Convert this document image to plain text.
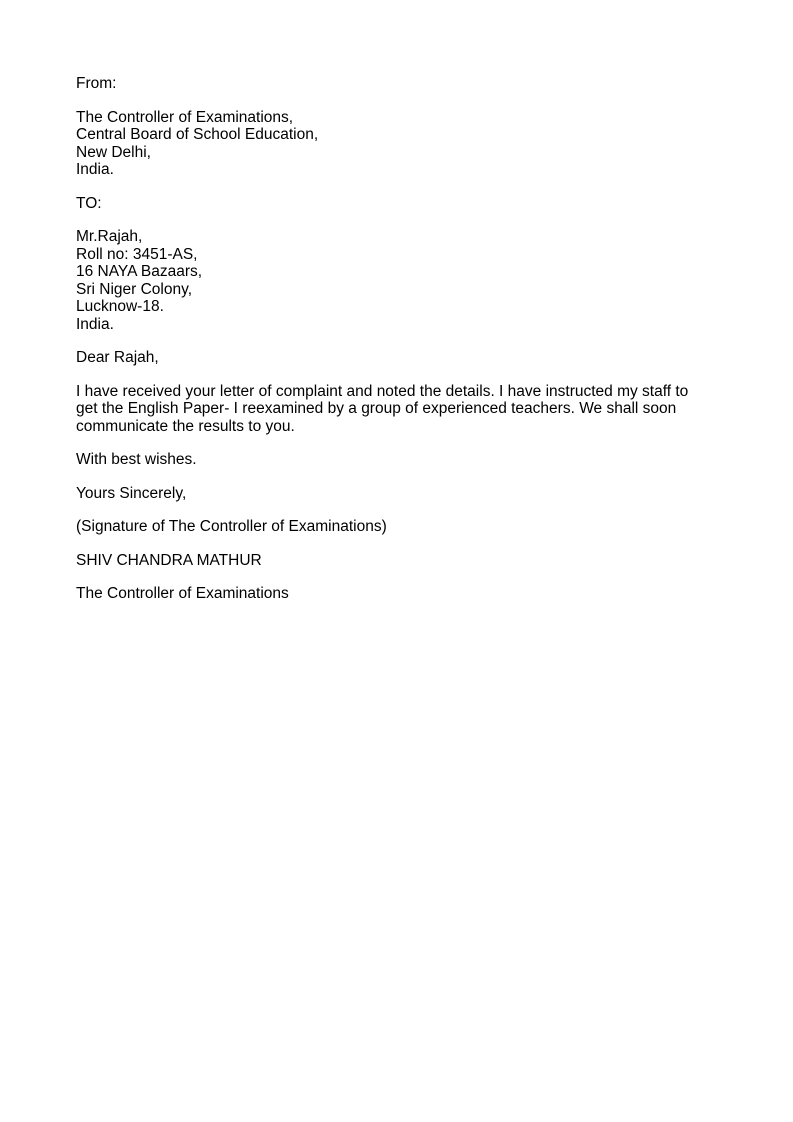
From:
The Controller of Examinations,
Central Board of School Education,
New Delhi,
India.
TO:
Mr.Rajah,
Roll no: 3451-AS,
16 NAYA Bazaars,
Sri Niger Colony,
Lucknow-18.
India.
Dear Rajah,
I have received your letter of complaint and noted the details. I have instructed my staff to get the English Paper- I reexamined by a group of experienced teachers. We shall soon communicate the results to you.
With best wishes.
Yours Sincerely,
(Signature of The Controller of Examinations)
SHIV CHANDRA MATHUR
The Controller of Examinations
